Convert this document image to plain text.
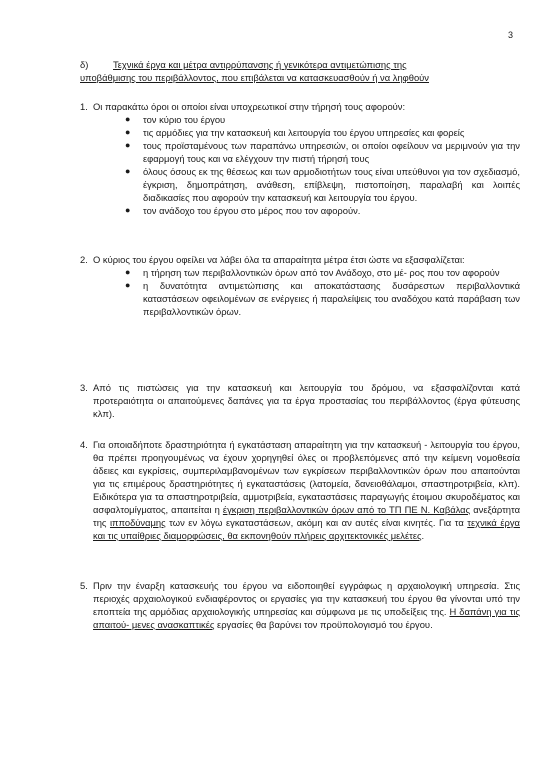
3
δ)	Τεχνικά έργα και μέτρα αντιρρύπανσης ή γενικότερα αντιμετώπισης της
υποβάθμισης του περιβάλλοντος, που επιβάλεται να κατασκευασθούν ή να ληφθούν
1. Οι παρακάτω όροι οι οποίοι είναι υποχρεωτικοί στην τήρησή τους αφορούν:
● τον κύριο του έργου
● τις αρμόδιες για την κατασκευή και λειτουργία του έργου υπηρεσίες και φορείς
● τους προϊσταμένους των παραπάνω υπηρεσιών, οι οποίοι οφείλουν να μεριμνούν για την εφαρμογή τους και να ελέγχουν την πιστή τήρησή τους
● όλους όσους εκ της θέσεως και των αρμοδιοτήτων τους είναι υπεύθυνοι για τον σχεδιασμό, έγκριση, δημοπράτηση, ανάθεση, επίβλεψη, πιστοποίηση, παραλαβή και λοιπές διαδικασίες που αφορούν την κατασκευή και λειτουργία του έργου.
● τον ανάδοχο του έργου στο μέρος που τον αφορούν.
2. Ο κύριος του έργου οφείλει να λάβει όλα τα απαραίτητα μέτρα έτσι ώστε να εξασφαλίζεται:
● η τήρηση των περιβαλλοντικών όρων από τον Ανάδοχο, στο μέ- ρος που τον αφορούν
● η δυνατότητα αντιμετώπισης και αποκατάστασης δυσάρεστων περιβαλλοντικά καταστάσεων οφειλομένων σε ενέργειες ή παραλείψεις του αναδόχου κατά παράβαση των περιβαλλοντικών όρων.
3. Από τις πιστώσεις για την κατασκευή και λειτουργία του δρόμου, να εξασφαλίζονται κατά προτεραιότητα οι απαιτούμενες δαπάνες για τα έργα προστασίας του περιβάλλοντος (έργα φύτευσης κλπ).
4. Για οποιαδήποτε δραστηριότητα ή εγκατάσταση απαραίτητη για την κατασκευή - λειτουργία του έργου, θα πρέπει προηγουμένως να έχουν χορηγηθεί όλες οι προβλεπόμενες από την κείμενη νομοθεσία άδειες και εγκρίσεις, συμπεριλαμβανομένων των εγκρίσεων περιβαλλοντικών όρων που απαιτούνται για τις επιμέρους δραστηριότητες ή εγκαταστάσεις (λατομεία, δανειοθάλαμοι, σπαστηροτριβεία, κλπ). Ειδικότερα για τα σπαστηροτριβεία, αμμοτριβεία, εγκαταστάσεις παραγωγής έτοιμου σκυροδέματος και ασφαλτομίγματος, απαιτείται η έγκριση περιβαλλοντικών όρων από το ΤΠ ΠΕ Ν. Καβάλας ανεξάρτητα της ιπποδύναμης των εν λόγω εγκαταστάσεων, ακόμη και αν αυτές είναι κινητές. Για τα τεχνικά έργα και τις υπαίθριες διαμορφώσεις, θα εκπονηθούν πλήρεις αρχιτεκτονικές μελέτες.
5. Πριν την έναρξη κατασκευής του έργου να ειδοποιηθεί εγγράφως η αρχαιολογική υπηρεσία. Στις περιοχές αρχαιολογικού ενδιαφέροντος οι εργασίες για την κατασκευή του έργου θα γίνονται υπό την εποπτεία της αρμόδιας αρχαιολογικής υπηρεσίας και σύμφωνα με τις υποδείξεις της. Η δαπάνη για τις απαιτού- μενες ανασκαπτικές εργασίες θα βαρύνει τον προϋπολογισμό του έργου.
